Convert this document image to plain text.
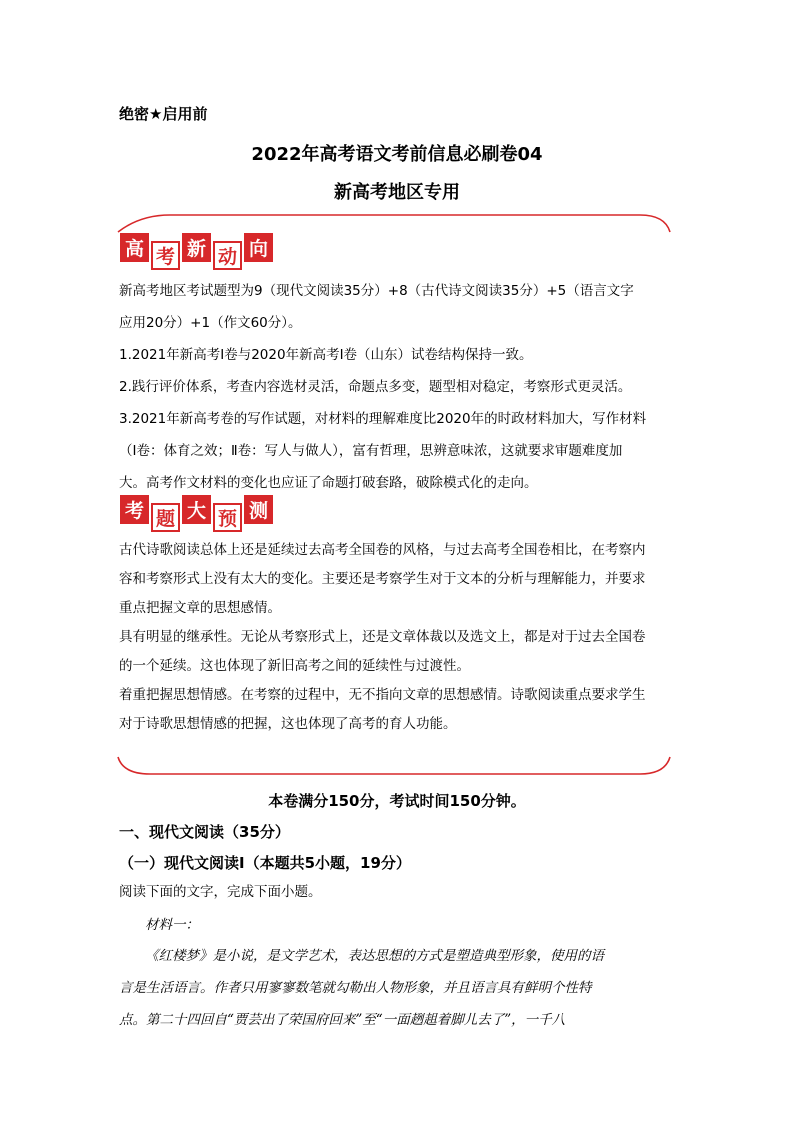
绝密★启用前
2022年高考语文考前信息必刷卷04
新高考地区专用
高 考 新 动 向
新高考地区考试题型为9（现代文阅读35分）+8（古代诗文阅读35分）+5（语言文字
应用20分）+1（作文60分）。
1.2021年新高考Ⅰ卷与2020年新高考Ⅰ卷（山东）试卷结构保持一致。
2.践行评价体系，考查内容选材灵活，命题点多变，题型相对稳定，考察形式更灵活。
3.2021年新高考卷的写作试题，对材料的理解难度比2020年的时政材料加大，写作材料
（Ⅰ卷：体育之效；Ⅱ卷：写人与做人），富有哲理，思辨意味浓，这就要求审题难度加
大。高考作文材料的变化也应证了命题打破套路，破除模式化的走向。
考 题 大 预 测
古代诗歌阅读总体上还是延续过去高考全国卷的风格，与过去高考全国卷相比，在考察内
容和考察形式上没有太大的变化。主要还是考察学生对于文本的分析与理解能力，并要求
重点把握文章的思想感情。
具有明显的继承性。无论从考察形式上，还是文章体裁以及选文上，都是对于过去全国卷
的一个延续。这也体现了新旧高考之间的延续性与过渡性。
着重把握思想情感。在考察的过程中，无不指向文章的思想感情。诗歌阅读重点要求学生
对于诗歌思想情感的把握，这也体现了高考的育人功能。
本卷满分150分，考试时间150分钟。
一、现代文阅读（35分）
（一）现代文阅读Ⅰ（本题共5小题，19分）
阅读下面的文字，完成下面小题。
材料一：
《红楼梦》是小说，是文学艺术，表达思想的方式是塑造典型形象，使用的语
言是生活语言。作者只用寥寥数笔就勾勒出人物形象，并且语言具有鲜明个性特
点。第二十四回自“贾芸出了荣国府回来”至“一面趔趄着脚儿去了”，一千八
